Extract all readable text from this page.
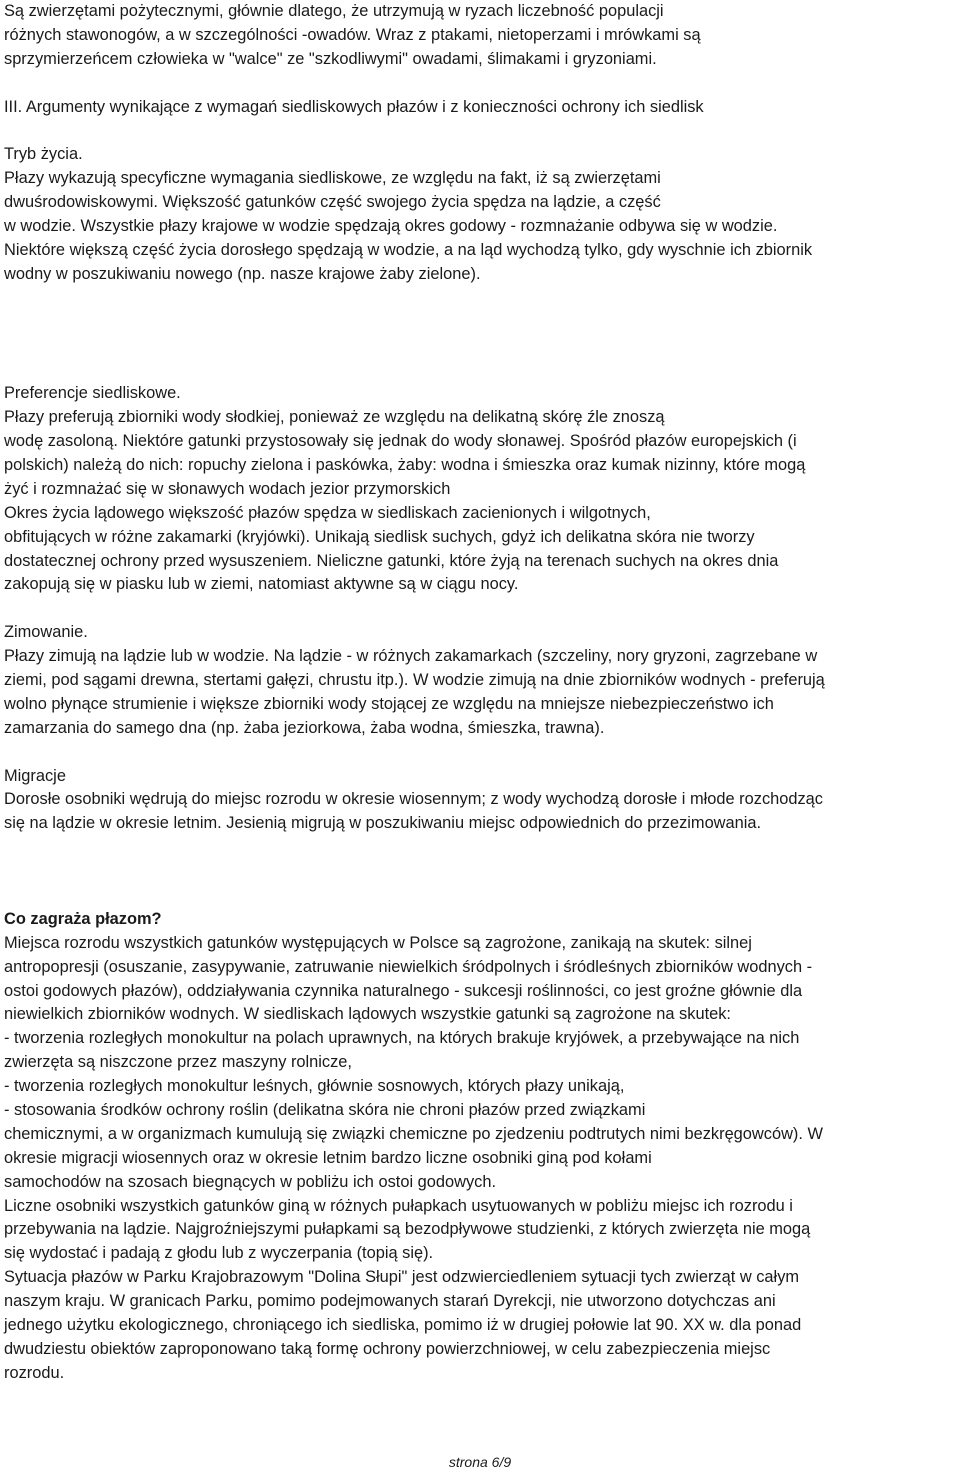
Są zwierzętami pożytecznymi, głównie dlatego, że utrzymują w ryzach liczebność populacji
różnych stawonogów, a w szczególności -owadów. Wraz z ptakami, nietoperzami i mrówkami są
sprzymierzeńcem człowieka w "walce" ze "szkodliwymi" owadami, ślimakami i gryzoniami.
III. Argumenty wynikające z wymagań siedliskowych płazów i z konieczności ochrony ich siedlisk
Tryb życia.
Płazy wykazują specyficzne wymagania siedliskowe, ze względu na fakt, iż są zwierzętami
dwuśrodowiskowymi. Większość gatunków część swojego życia spędza na lądzie, a część
w wodzie. Wszystkie płazy krajowe w wodzie spędzają okres godowy - rozmnażanie odbywa się w wodzie.
Niektóre większą część życia dorosłego spędzają w wodzie, a na ląd wychodzą tylko, gdy wyschnie ich zbiornik
wodny w poszukiwaniu nowego (np. nasze krajowe żaby zielone).
Preferencje siedliskowe.
Płazy preferują zbiorniki wody słodkiej, ponieważ ze względu na delikatną skórę źle znoszą
wodę zasoloną. Niektóre gatunki przystosowały się jednak do wody słonawej. Spośród płazów europejskich (i
polskich) należą do nich: ropuchy zielona i paskówka, żaby: wodna i śmieszka oraz kumak nizinny, które mogą
żyć i rozmnażać się w słonawych wodach jezior przymorskich
Okres życia lądowego większość płazów spędza w siedliskach zacienionych i wilgotnych,
obfitujących w różne zakamarki (kryjówki). Unikają siedlisk suchych, gdyż ich delikatna skóra nie tworzy
dostatecznej ochrony przed wysuszeniem. Nieliczne gatunki, które żyją na terenach suchych na okres dnia
zakopują się w piasku lub w ziemi, natomiast aktywne są w ciągu nocy.
Zimowanie.
Płazy zimują na lądzie lub w wodzie. Na lądzie - w różnych zakamarkach (szczeliny, nory gryzoni, zagrzebane w
ziemi, pod sągami drewna, stertami gałęzi, chrustu itp.). W wodzie zimują na dnie zbiorników wodnych - preferują
wolno płynące strumienie i większe zbiorniki wody stojącej ze względu na mniejsze niebezpieczeństwo ich
zamarzania do samego dna (np. żaba jeziorkowa, żaba wodna, śmieszka, trawna).
Migracje
Dorosłe osobniki wędrują do miejsc rozrodu w okresie wiosennym; z wody wychodzą dorosłe i młode rozchodząc
się na lądzie w okresie letnim. Jesienią migrują w poszukiwaniu miejsc odpowiednich do przezimowania.
Co zagraża płazom?
Miejsca rozrodu wszystkich gatunków występujących w Polsce są zagrożone, zanikają na skutek: silnej
antropopresji (osuszanie, zasypywanie, zatruwanie niewielkich śródpolnych i śródleśnych zbiorników wodnych -
ostoi godowych płazów), oddziaływania czynnika naturalnego - sukcesji roślinności, co jest groźne głównie dla
niewielkich zbiorników wodnych. W siedliskach lądowych wszystkie gatunki są zagrożone na skutek:
- tworzenia rozległych monokultur na polach uprawnych, na których brakuje kryjówek, a przebywające na nich
zwierzęta są niszczone przez maszyny rolnicze,
- tworzenia rozległych monokultur leśnych, głównie sosnowych, których płazy unikają,
- stosowania środków ochrony roślin (delikatna skóra nie chroni płazów przed związkami
chemicznymi, a w organizmach kumulują się związki chemiczne po zjedzeniu podtrutych nimi bezkręgowców). W
okresie migracji wiosennych oraz w okresie letnim bardzo liczne osobniki giną pod kołami
samochodów na szosach biegnących w pobliżu ich ostoi godowych.
Liczne osobniki wszystkich gatunków giną w różnych pułapkach usytuowanych w pobliżu miejsc ich rozrodu i
przebywania na lądzie. Najgroźniejszymi pułapkami są bezodpływowe studzienki, z których zwierzęta nie mogą
się wydostać i padają z głodu lub z wyczerpania (topią się).
Sytuacja płazów w Parku Krajobrazowym "Dolina Słupi" jest odzwierciedleniem sytuacji tych zwierząt w całym
naszym kraju. W granicach Parku, pomimo podejmowanych starań Dyrekcji, nie utworzono dotychczas ani
jednego użytku ekologicznego, chroniącego ich siedliska, pomimo iż w drugiej połowie lat 90. XX w. dla ponad
dwudziestu obiektów zaproponowano taką formę ochrony powierzchniowej, w celu zabezpieczenia miejsc
rozrodu.
strona 6/9
